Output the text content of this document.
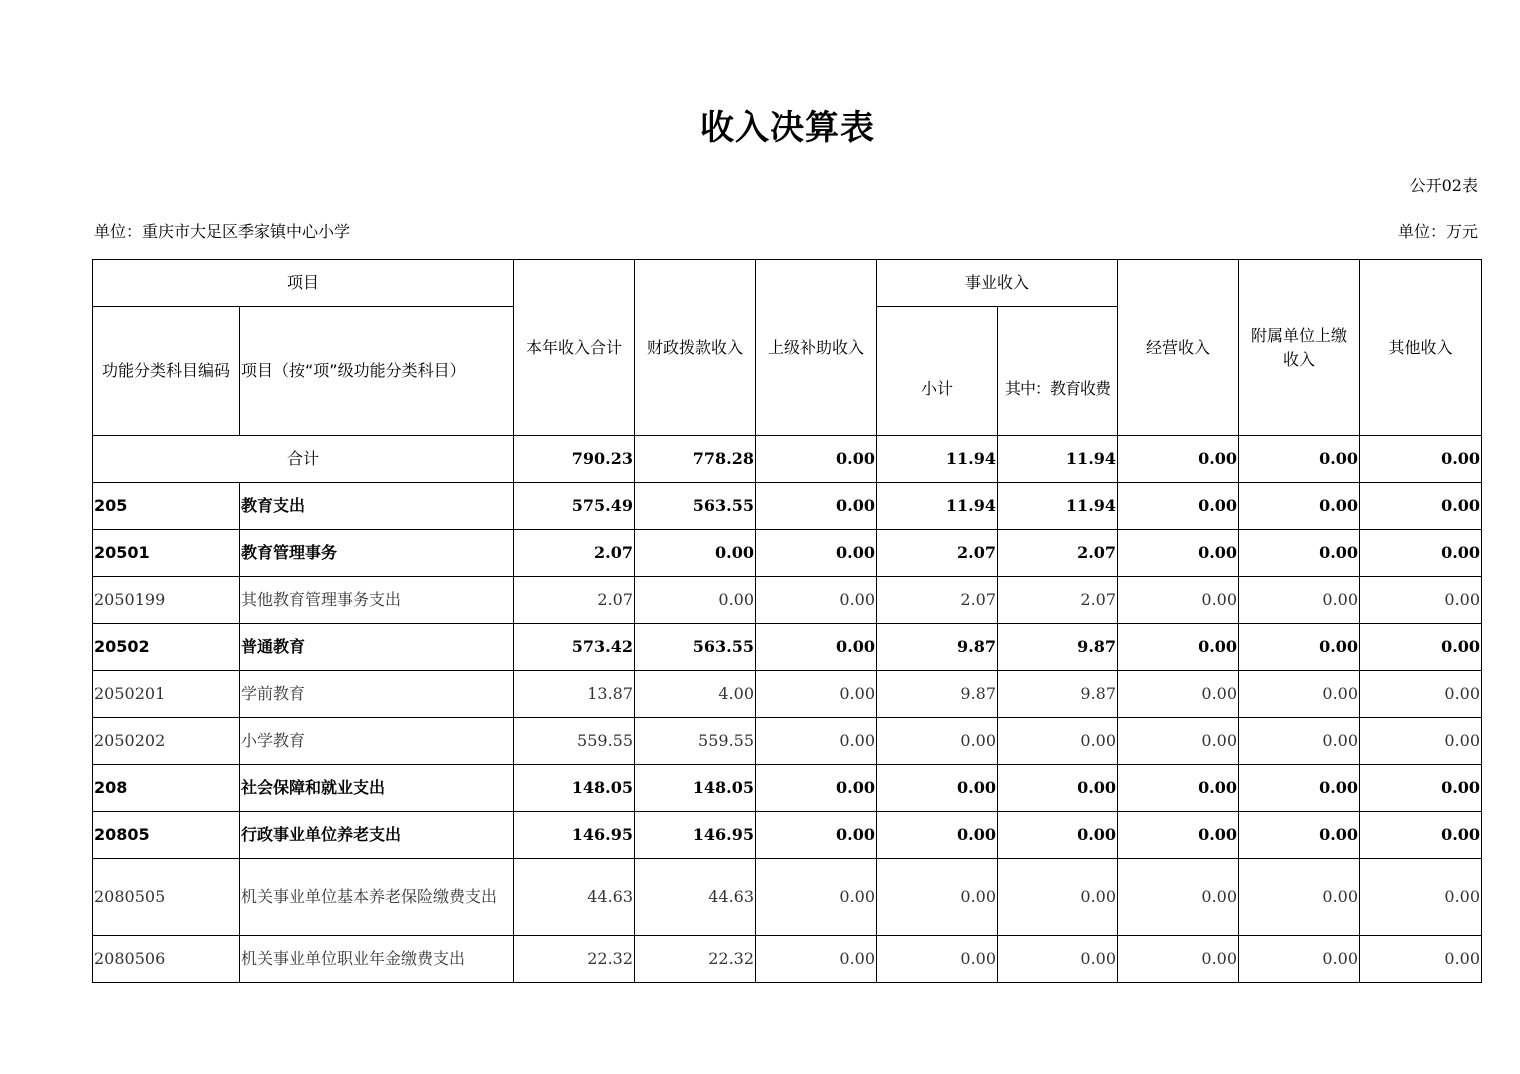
收入决算表
公开02表
单位：重庆市大足区季家镇中心小学	单位：万元
项目		本年收入合计	财政拨款收入	上级补助收入	事业收入		经营收入	附属单位上缴收入	其他收入
功能分类科目编码	项目（按“项”级功能分类科目）				小计	其中：教育收费			
合计		790.23	778.28	0.00	11.94	11.94	0.00	0.00	0.00
205	教育支出	575.49	563.55	0.00	11.94	11.94	0.00	0.00	0.00
20501	教育管理事务	2.07	0.00	0.00	2.07	2.07	0.00	0.00	0.00
2050199	其他教育管理事务支出	2.07	0.00	0.00	2.07	2.07	0.00	0.00	0.00
20502	普通教育	573.42	563.55	0.00	9.87	9.87	0.00	0.00	0.00
2050201	学前教育	13.87	4.00	0.00	9.87	9.87	0.00	0.00	0.00
2050202	小学教育	559.55	559.55	0.00	0.00	0.00	0.00	0.00	0.00
208	社会保障和就业支出	148.05	148.05	0.00	0.00	0.00	0.00	0.00	0.00
20805	行政事业单位养老支出	146.95	146.95	0.00	0.00	0.00	0.00	0.00	0.00
2080505	机关事业单位基本养老保险缴费支出	44.63	44.63	0.00	0.00	0.00	0.00	0.00	0.00
2080506	机关事业单位职业年金缴费支出	22.32	22.32	0.00	0.00	0.00	0.00	0.00	0.00
